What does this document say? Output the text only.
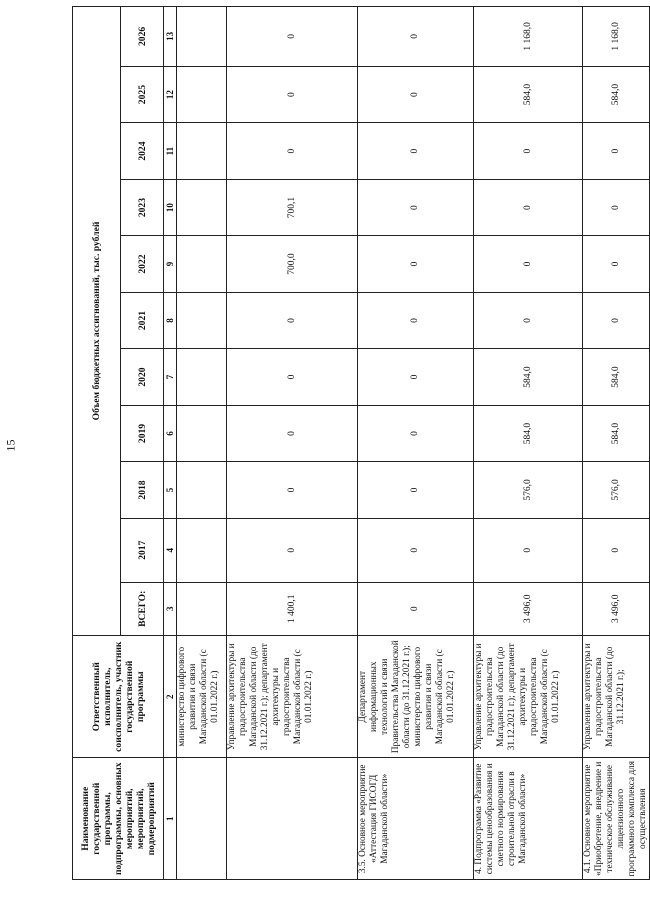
15
Наименование государственной программы, подпрограммы, основных мероприятий, мероприятий, подмероприятий	Ответственный исполнитель, соисполнитель, участник государственной программы	Объем бюджетных ассигнований, тыс. рублей										
		ВСЕГО:	2017	2018	2019	2020	2021	2022	2023	2024	2025	2026
1	2	3	4	5	6	7	8	9	10	11	12	13
	министерство цифрового развития и связи Магаданской области (с 01.01.2022 г.)											
	Управление архитектуры и градостроительства Магаданской области (до 31.12.2021 г.); департамент архитектуры и градостроительства Магаданской области (с 01.01.2022 г.)	1 400,1	0	0	0	0	0	700,0	700,1	0	0	0
3.5. Основное мероприятие «Аттестация ГИСОГД Магаданской области»	Департамент информационных технологий и связи Правительства Магаданской области (до 31.12.2021 г.); министерство цифрового развития и связи Магаданской области (с 01.01.2022 г.)	0	0	0	0	0	0	0	0	0	0	0
4. Подпрограмма «Развитие системы ценообразования и сметного нормирования строительной отрасли в Магаданской области»	Управление архитектуры и градостроительства Магаданской области (до 31.12.2021 г.); департамент архитектуры и градостроительства Магаданской области (с 01.01.2022 г.)	3 496,0	0	576,0	584,0	584,0	0	0	0	0	584,0	1 168,0
4.1. Основное мероприятие «Приобретение, внедрение и техническое обслуживание лицензионного программного комплекса для осуществления	Управление архитектуры и градостроительства Магаданской области (до 31.12.2021 г.);	3 496,0	0	576,0	584,0	584,0	0	0	0	0	584,0	1 168,0
